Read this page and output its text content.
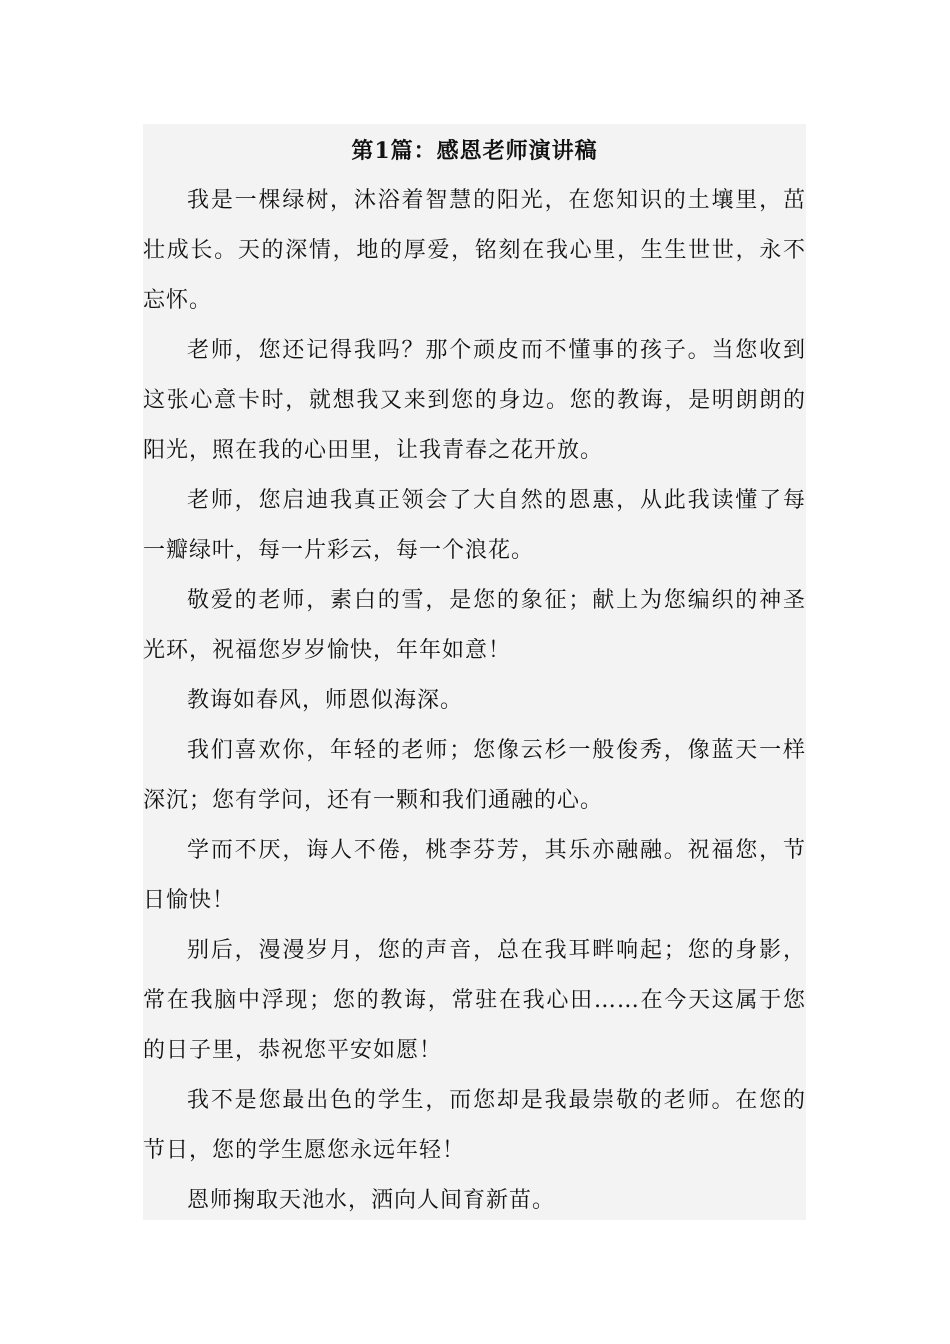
第1篇：感恩老师演讲稿

我是一棵绿树，沐浴着智慧的阳光，在您知识的土壤里，茁壮成长。天的深情，地的厚爱，铭刻在我心里，生生世世，永不忘怀。

老师，您还记得我吗？那个顽皮而不懂事的孩子。当您收到这张心意卡时，就想我又来到您的身边。您的教诲，是明朗朗的阳光，照在我的心田里，让我青春之花开放。

老师，您启迪我真正领会了大自然的恩惠，从此我读懂了每一瓣绿叶，每一片彩云，每一个浪花。

敬爱的老师，素白的雪，是您的象征；献上为您编织的神圣光环，祝福您岁岁愉快，年年如意！

教诲如春风，师恩似海深。

我们喜欢你，年轻的老师；您像云杉一般俊秀，像蓝天一样深沉；您有学问，还有一颗和我们通融的心。

学而不厌，诲人不倦，桃李芬芳，其乐亦融融。祝福您，节日愉快！

别后，漫漫岁月，您的声音，总在我耳畔响起；您的身影，常在我脑中浮现；您的教诲，常驻在我心田……在今天这属于您的日子里，恭祝您平安如愿！

我不是您最出色的学生，而您却是我最崇敬的老师。在您的节日，您的学生愿您永远年轻！

恩师掬取天池水，洒向人间育新苗。
